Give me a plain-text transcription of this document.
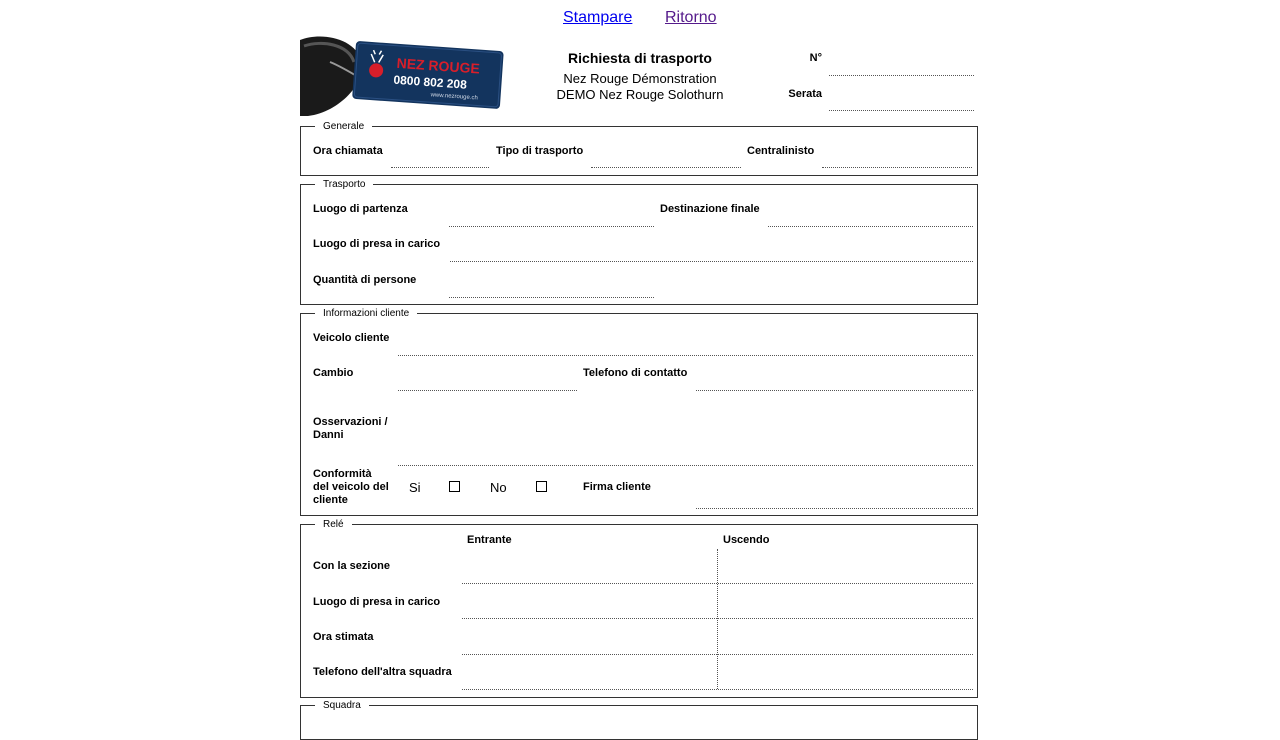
Stampare Ritorno
NEZ ROUGE
0800 802 208
www.nezrouge.ch
Richiesta di trasporto
Nez Rouge Démonstration
DEMO Nez Rouge Solothurn
N°
Serata
Generale
Ora chiamata	Tipo di trasporto	Centralinisto
Trasporto
Luogo di partenza	Destinazione finale
Luogo di presa in carico
Quantità di persone
Informazioni cliente
Veicolo cliente
Cambio	Telefono di contatto
Osservazioni /
Danni
Conformità
del veicolo del
cliente
Si	No	Firma cliente
Relé
Entrante	Uscendo
Con la sezione
Luogo di presa in carico
Ora stimata
Telefono dell'altra squadra
Squadra
